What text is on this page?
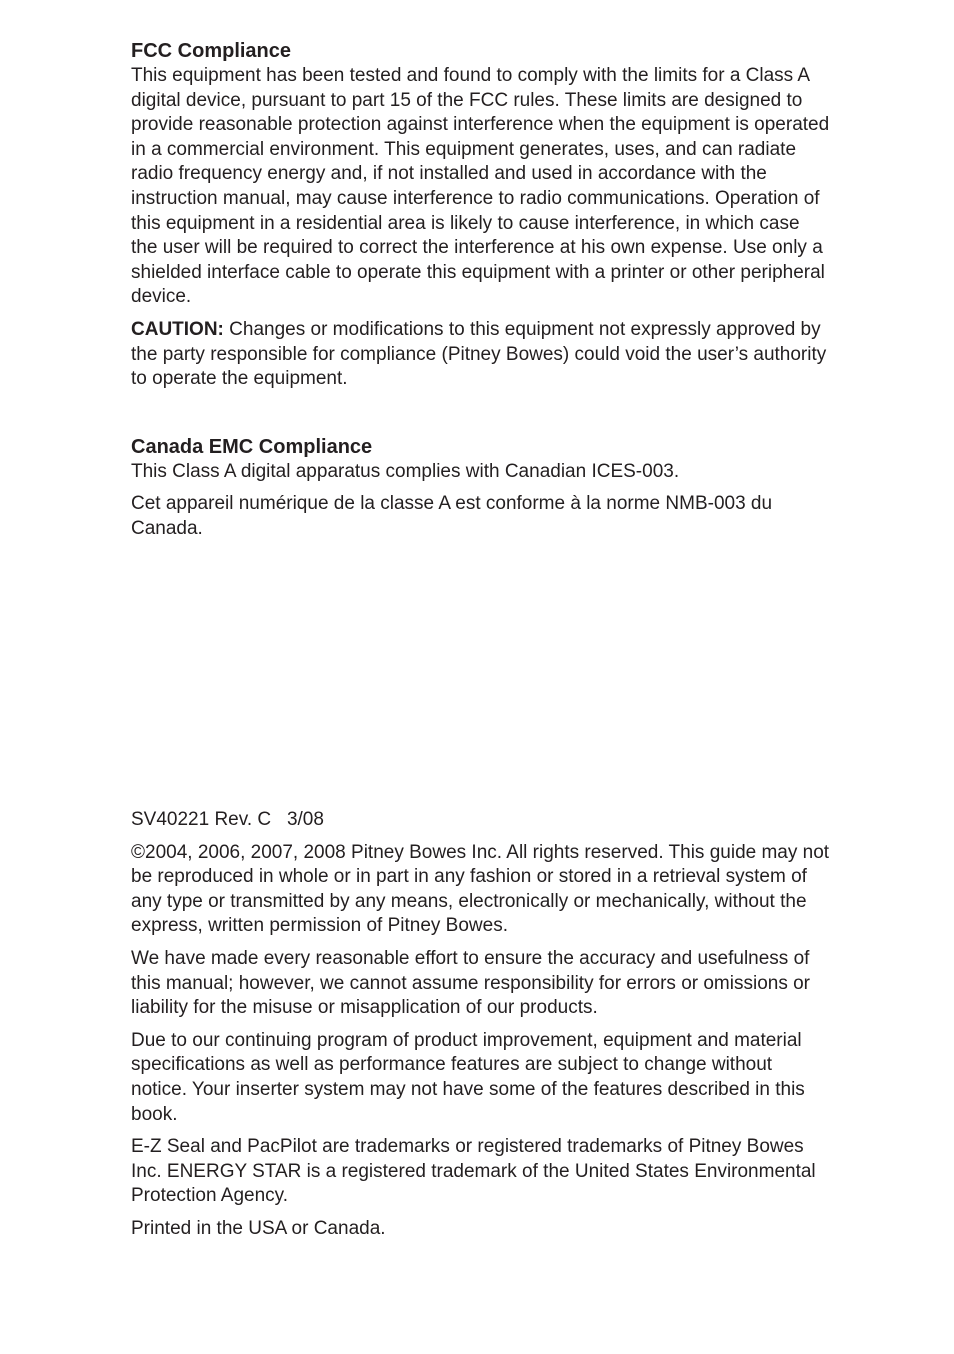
FCC Compliance

This equipment has been tested and found to comply with the limits for a Class A digital device, pursuant to part 15 of the FCC rules. These limits are designed to provide reasonable protection against interference when the equipment is operated in a commercial environment. This equipment generates, uses, and can radiate radio frequency energy and, if not installed and used in accordance with the instruction manual, may cause interference to radio communications. Operation of this equipment in a residential area is likely to cause interference, in which case the user will be required to correct the interference at his own expense. Use only a shielded interface cable to operate this equipment with a printer or other peripheral device.

CAUTION: Changes or modifications to this equipment not expressly approved by the party responsible for compliance (Pitney Bowes) could void the user’s authority to operate the equipment.

Canada EMC Compliance

This Class A digital apparatus complies with Canadian ICES-003.

Cet appareil numérique de la classe A est conforme à la norme NMB-003 du Canada.

SV40221 Rev. C   3/08

©2004, 2006, 2007, 2008 Pitney Bowes Inc. All rights reserved. This guide may not be reproduced in whole or in part in any fashion or stored in a retrieval system of any type or transmitted by any means, electronically or mechanically, without the express, written permission of Pitney Bowes.

We have made every reasonable effort to ensure the accuracy and usefulness of this manual; however, we cannot assume responsibility for errors or omissions or liability for the misuse or misapplication of our products.

Due to our continuing program of product improvement, equipment and material specifications as well as performance features are subject to change without notice. Your inserter system may not have some of the features described in this book.

E-Z Seal and PacPilot are trademarks or registered trademarks of Pitney Bowes Inc. ENERGY STAR is a registered trademark of the United States Environmental Protection Agency.

Printed in the USA or Canada.
